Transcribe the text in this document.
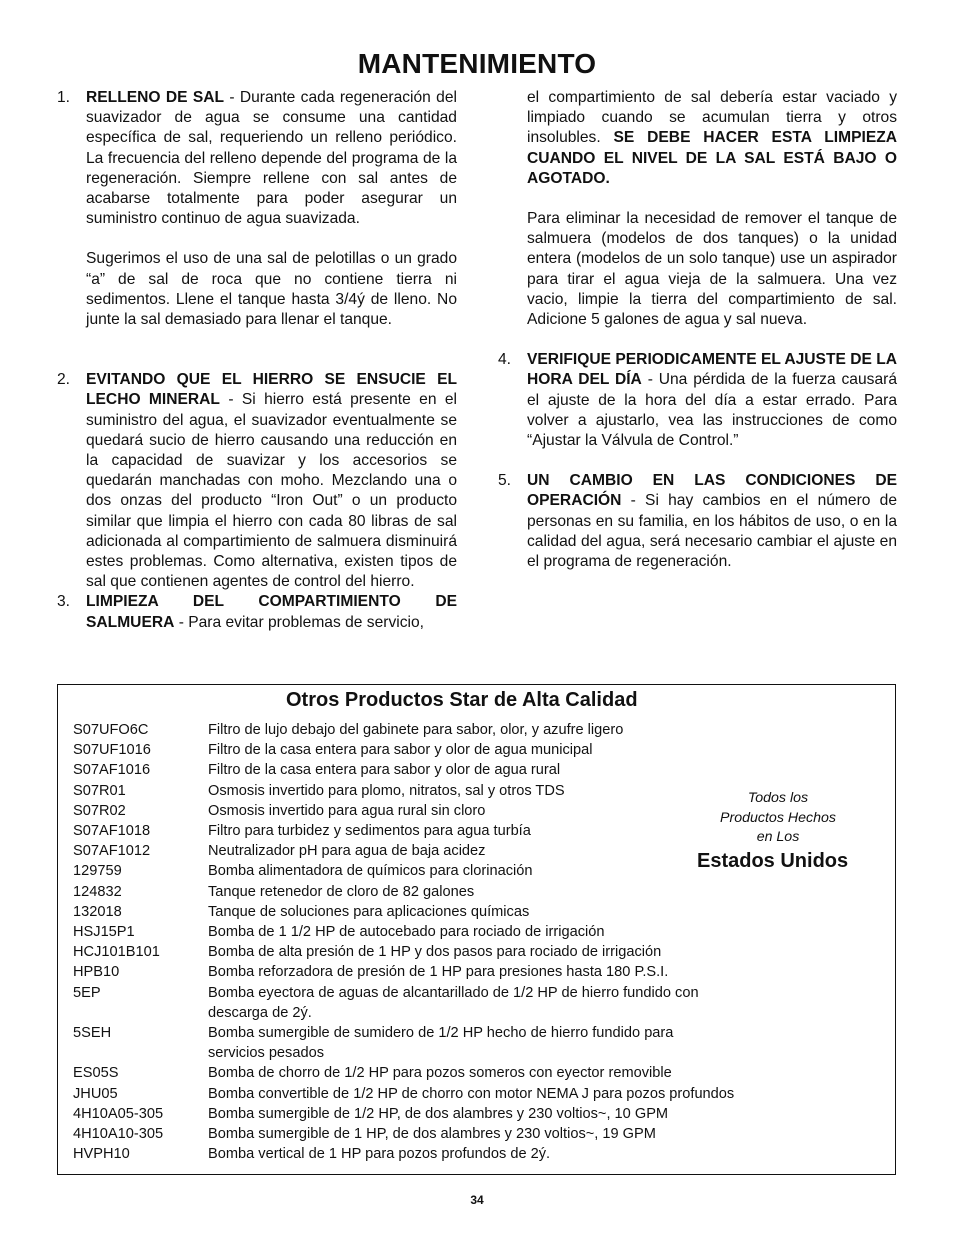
MANTENIMIENTO
1. RELLENO DE SAL - Durante cada regeneración del suavizador de agua se consume una cantidad específica de sal, requeriendo un relleno periódico. La frecuencia del relleno depende del programa de la regeneración. Siempre rellene con sal antes de acabarse totalmente para poder asegurar un suministro continuo de agua suavizada.

Sugerimos el uso de una sal de pelotillas o un grado “a” de sal de roca que no contiene tierra ni sedimentos. Llene el tanque hasta 3/4ý de lleno. No junte la sal demasiado para llenar el tanque.

2. EVITANDO QUE EL HIERRO SE ENSUCIE EL LECHO MINERAL - Si hierro está presente en el suministro del agua, el suavizador eventualmente se quedará sucio de hierro causando una reducción en la capacidad de suavizar y los accesorios se quedarán manchadas con moho. Mezclando una o dos onzas del producto “Iron Out” o un producto similar que limpia el hierro con cada 80 libras de sal adicionada al compartimiento de salmuera disminuirá estes problemas. Como alternativa, existen tipos de sal que contienen agentes de control del hierro.

3. LIMPIEZA DEL COMPARTIMIENTO DE SALMUERA - Para evitar problemas de servicio,

el compartimiento de sal debería estar vaciado y limpiado cuando se acumulan tierra y otros insolubles. SE DEBE HACER ESTA LIMPIEZA CUANDO EL NIVEL DE LA SAL ESTÁ BAJO O AGOTADO.

Para eliminar la necesidad de remover el tanque de salmuera (modelos de dos tanques) o la unidad entera (modelos de un solo tanque) use un aspirador para tirar el agua vieja de la salmuera. Una vez vacio, limpie la tierra del compartimiento de sal. Adicione 5 galones de agua y sal nueva.

4. VERIFIQUE PERIODICAMENTE EL AJUSTE DE LA HORA DEL DÍA - Una pérdida de la fuerza causará el ajuste de la hora del día a estar errado. Para volver a ajustarlo, vea las instrucciones de como “Ajustar la Válvula de Control.”

5. UN CAMBIO EN LAS CONDICIONES DE OPERACIÓN - Si hay cambios en el número de personas en su familia, en los hábitos de uso, o en la calidad del agua, será necesario cambiar el ajuste en el programa de regeneración.

Otros Productos Star de Alta Calidad
S07UFO6C	Filtro de lujo debajo del gabinete para sabor, olor, y azufre ligero
S07UF1016	Filtro de la casa entera para sabor y olor de agua municipal
S07AF1016	Filtro de la casa entera para sabor y olor de agua rural
S07R01	Osmosis invertido para plomo, nitratos, sal y otros TDS
S07R02	Osmosis invertido para agua rural sin cloro
S07AF1018	Filtro para turbidez y sedimentos para agua turbía
S07AF1012	Neutralizador pH para agua de baja acidez
129759	Bomba alimentadora de químicos para clorinación
124832	Tanque retenedor de cloro de 82 galones
132018	Tanque de soluciones para aplicaciones químicas
HSJ15P1	Bomba de 1 1/2 HP de autocebado para rociado de irrigación
HCJ101B101	Bomba de alta presión de 1 HP y dos pasos para rociado de irrigación
HPB10	Bomba reforzadora de presión de 1 HP para presiones hasta 180 P.S.I.
5EP	Bomba eyectora de aguas de alcantarillado de 1/2 HP de hierro fundido con
descarga de 2ý.
5SEH	Bomba sumergible de sumidero de 1/2 HP hecho de hierro fundido para
servicios pesados
ES05S	Bomba de chorro de 1/2 HP para pozos someros con eyector removible
JHU05	Bomba convertible de 1/2 HP de chorro con motor NEMA J para pozos profundos
4H10A05-305	Bomba sumergible de 1/2 HP, de dos alambres y 230 voltios~, 10 GPM
4H10A10-305	Bomba sumergible de 1 HP, de dos alambres y 230 voltios~, 19 GPM
HVPH10	Bomba vertical de 1 HP para pozos profundos de 2ý.
Todos los
Productos Hechos
en Los
Estados Unidos
34
